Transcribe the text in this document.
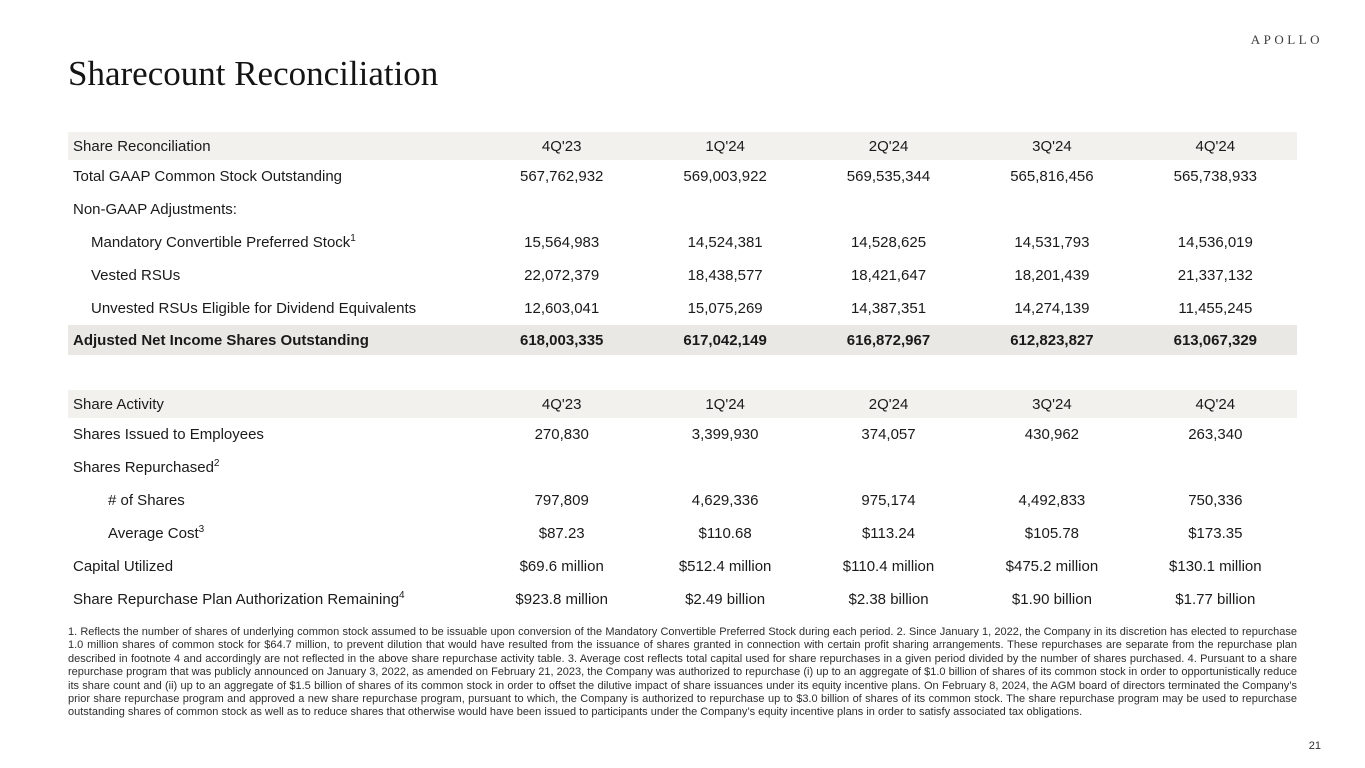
APOLLO
Sharecount Reconciliation
Share Reconciliation	4Q'23	1Q'24	2Q'24	3Q'24	4Q'24
Total GAAP Common Stock Outstanding	567,762,932	569,003,922	569,535,344	565,816,456	565,738,933
Non-GAAP Adjustments:
Mandatory Convertible Preferred Stock$^1$	15,564,983	14,524,381	14,528,625	14,531,793	14,536,019
Vested RSUs	22,072,379	18,438,577	18,421,647	18,201,439	21,337,132
Unvested RSUs Eligible for Dividend Equivalents	12,603,041	15,075,269	14,387,351	14,274,139	11,455,245
Adjusted Net Income Shares Outstanding	618,003,335	617,042,149	616,872,967	612,823,827	613,067,329
Share Activity	4Q'23	1Q'24	2Q'24	3Q'24	4Q'24
Shares Issued to Employees	270,830	3,399,930	374,057	430,962	263,340
Shares Repurchased$^2$
# of Shares	797,809	4,629,336	975,174	4,492,833	750,336
Average Cost$^3$	$87.23	$110.68	$113.24	$105.78	$173.35
Capital Utilized	$69.6 million	$512.4 million	$110.4 million	$475.2 million	$130.1 million
Share Repurchase Plan Authorization Remaining$^4$	$923.8 million	$2.49 billion	$2.38 billion	$1.90 billion	$1.77 billion
1. Reflects the number of shares of underlying common stock assumed to be issuable upon conversion of the Mandatory Convertible Preferred Stock during each period. 2. Since January 1, 2022, the Company in its discretion has elected to repurchase 1.0 million shares of common stock for $64.7 million, to prevent dilution that would have resulted from the issuance of shares granted in connection with certain profit sharing arrangements. These repurchases are separate from the repurchase plan described in footnote 4 and accordingly are not reflected in the above share repurchase activity table. 3. Average cost reflects total capital used for share repurchases in a given period divided by the number of shares purchased. 4. Pursuant to a share repurchase program that was publicly announced on January 3, 2022, as amended on February 21, 2023, the Company was authorized to repurchase (i) up to an aggregate of $1.0 billion of shares of its common stock in order to opportunistically reduce its share count and (ii) up to an aggregate of $1.5 billion of shares of its common stock in order to offset the dilutive impact of share issuances under its equity incentive plans. On February 8, 2024, the AGM board of directors terminated the Company’s prior share repurchase program and approved a new share repurchase program, pursuant to which, the Company is authorized to repurchase up to $3.0 billion of shares of its common stock. The share repurchase program may be used to repurchase outstanding shares of common stock as well as to reduce shares that otherwise would have been issued to participants under the Company’s equity incentive plans in order to satisfy associated tax obligations.
21
